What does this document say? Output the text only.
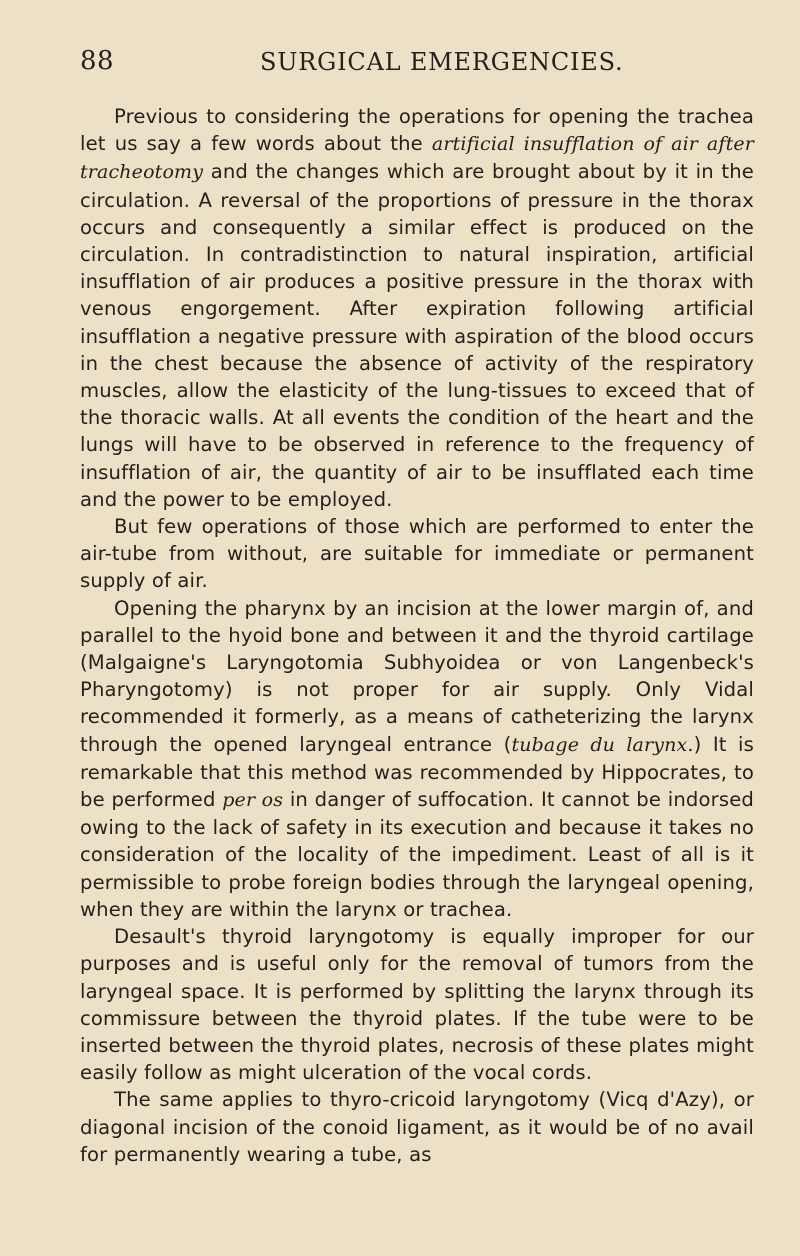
88	SURGICAL EMERGENCIES.

Previous to considering the operations for opening the trachea let us say a few words about the artificial insufflation of air after tracheotomy and the changes which are brought about by it in the circulation. A reversal of the proportions of pressure in the thorax occurs and consequently a similar effect is produced on the circulation. In contradistinction to natural inspiration, artificial insufflation of air produces a positive pressure in the thorax with venous engorgement. After expiration following artificial insufflation a negative pressure with aspiration of the blood occurs in the chest because the absence of activity of the respiratory muscles, allow the elasticity of the lung-tissues to exceed that of the thoracic walls. At all events the condition of the heart and the lungs will have to be observed in reference to the frequency of insufflation of air, the quantity of air to be insufflated each time and the power to be employed.

But few operations of those which are performed to enter the air-tube from without, are suitable for immediate or permanent supply of air.

Opening the pharynx by an incision at the lower margin of, and parallel to the hyoid bone and between it and the thyroid cartilage (Malgaigne's Laryngotomia Subhyoidea or von Langenbeck's Pharyngotomy) is not proper for air supply. Only Vidal recommended it formerly, as a means of catheterizing the larynx through the opened laryngeal entrance (tubage du larynx.) It is remarkable that this method was recommended by Hippocrates, to be performed per os in danger of suffocation. It cannot be indorsed owing to the lack of safety in its execution and because it takes no consideration of the locality of the impediment. Least of all is it permissible to probe foreign bodies through the laryngeal opening, when they are within the larynx or trachea.

Desault's thyroid laryngotomy is equally improper for our purposes and is useful only for the removal of tumors from the laryngeal space. It is performed by splitting the larynx through its commissure between the thyroid plates. If the tube were to be inserted between the thyroid plates, necrosis of these plates might easily follow as might ulceration of the vocal cords.

The same applies to thyro-cricoid laryngotomy (Vicq d'Azy), or diagonal incision of the conoid ligament, as it would be of no avail for permanently wearing a tube, as
